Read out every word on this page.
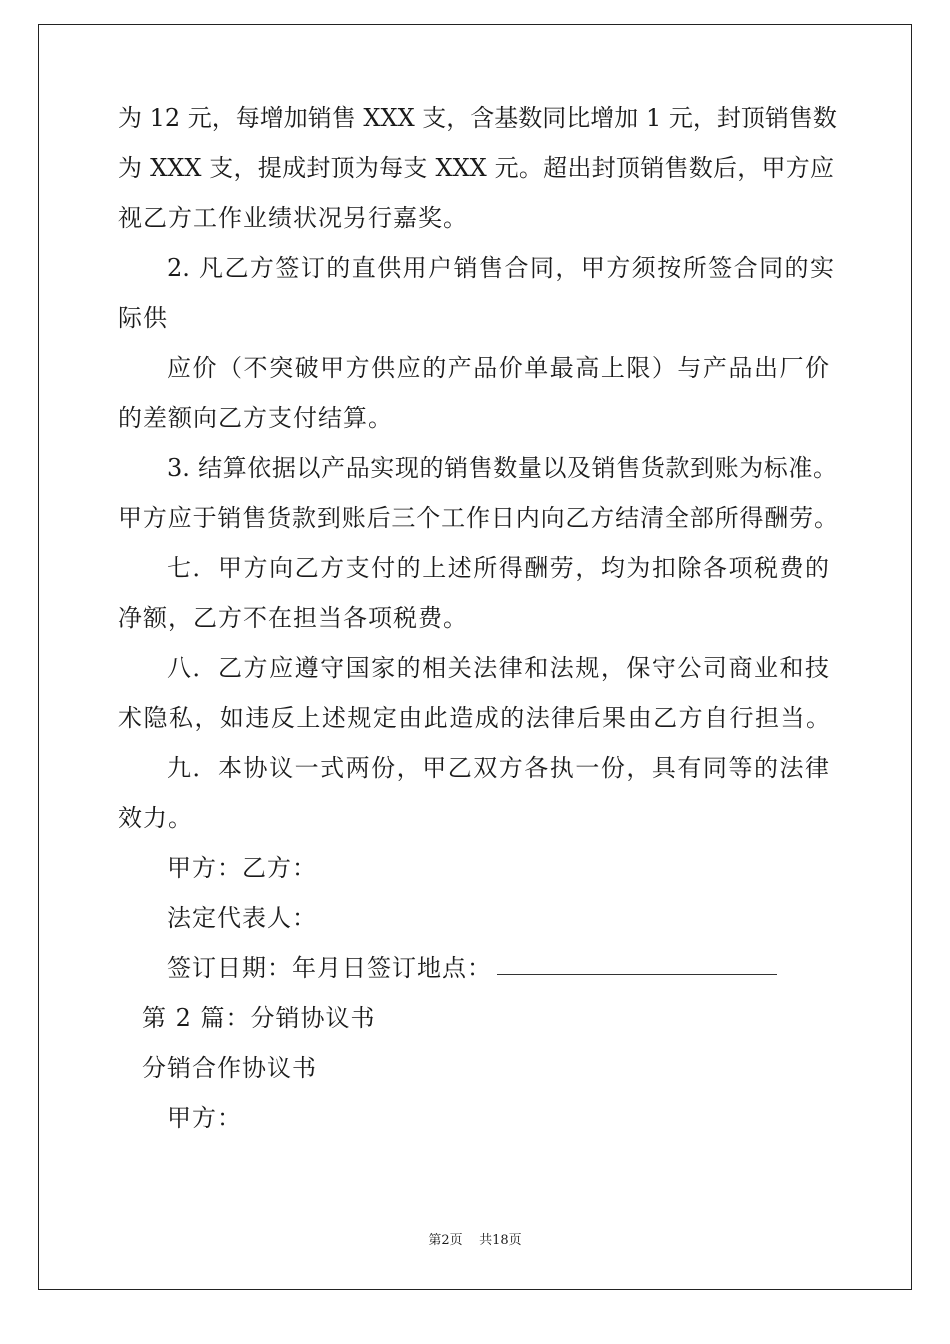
为 12 元，每增加销售 XXX 支，含基数同比增加 1 元，封顶销售数
为 XXX 支，提成封顶为每支 XXX 元。超出封顶销售数后，甲方应
视乙方工作业绩状况另行嘉奖。
2. 凡乙方签订的直供用户销售合同，甲方须按所签合同的实
际供
应价（不突破甲方供应的产品价单最高上限）与产品出厂价
的差额向乙方支付结算。
3. 结算依据以产品实现的销售数量以及销售货款到账为标准。
甲方应于销售货款到账后三个工作日内向乙方结清全部所得酬劳。
七．甲方向乙方支付的上述所得酬劳，均为扣除各项税费的
净额，乙方不在担当各项税费。
八．乙方应遵守国家的相关法律和法规，保守公司商业和技
术隐私，如违反上述规定由此造成的法律后果由乙方自行担当。
九．本协议一式两份，甲乙双方各执一份，具有同等的法律
效力。
甲方：乙方：
法定代表人：
签订日期：年月日签订地点：
第 2 篇：分销协议书
分销合作协议书
甲方：
第2页    共18页
